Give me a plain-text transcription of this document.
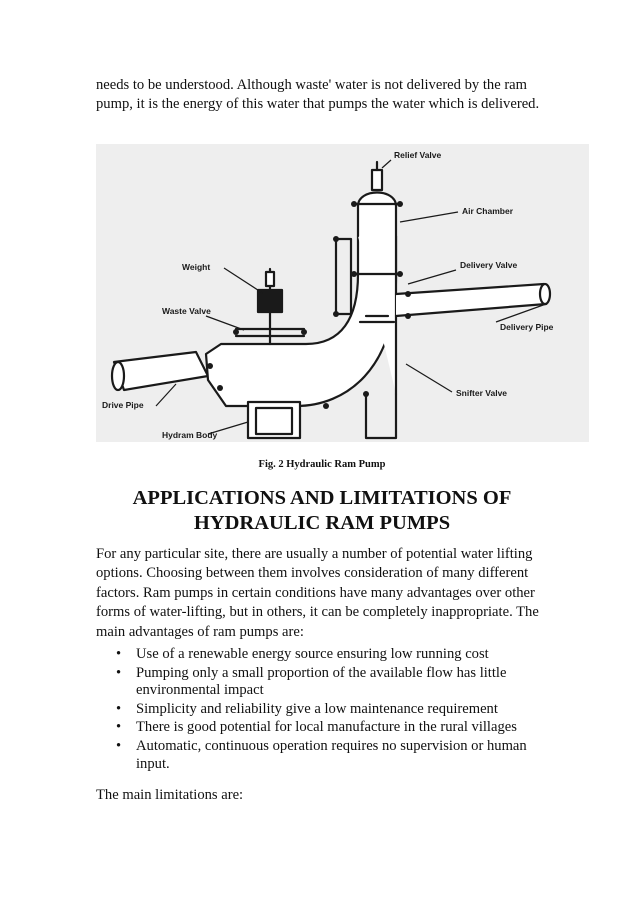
needs to be understood. Although waste' water is not delivered by the ram pump, it is the energy of this water that pumps the water which is delivered.

Relief Valve
Air Chamber
Weight	Delivery Valve
Waste Valve
Delivery Pipe
Snifter Valve
Drive Pipe
Hydram Body
Fig. 2 Hydraulic Ram Pump
APPLICATIONS AND LIMITATIONS OF
HYDRAULIC RAM PUMPS

For any particular site, there are usually a number of potential water lifting options. Choosing between them involves consideration of many different factors. Ram pumps in certain conditions have many advantages over other forms of water-lifting, but in others, it can be completely inappropriate. The main advantages of ram pumps are:

• Use of a renewable energy source ensuring low running cost
• Pumping only a small proportion of the available flow has little environmental impact
• Simplicity and reliability give a low maintenance requirement
• There is good potential for local manufacture in the rural villages
• Automatic, continuous operation requires no supervision or human input.

The main limitations are:
